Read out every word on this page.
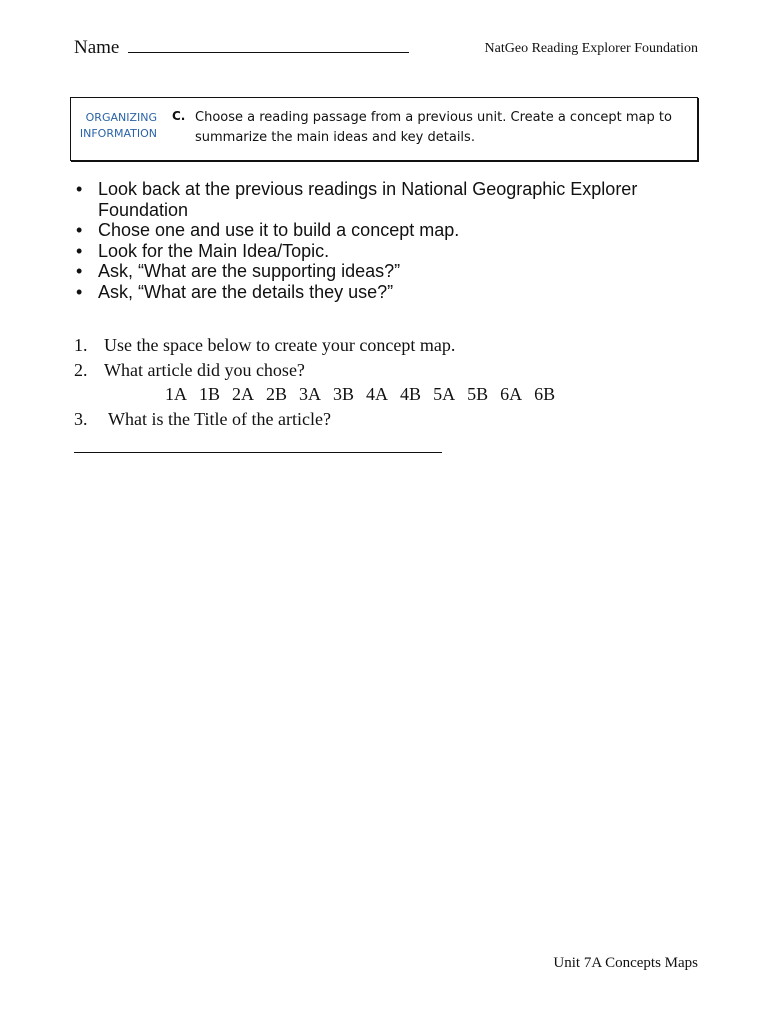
Name	NatGeo Reading Explorer Foundation
ORGANIZING
INFORMATION
C. Choose a reading passage from a previous unit. Create a concept map to summarize the main ideas and key details.
• Look back at the previous readings in National Geographic Explorer Foundation
• Chose one and use it to build a concept map.
• Look for the Main Idea/Topic.
• Ask, “What are the supporting ideas?”
• Ask, “What are the details they use?”
1. Use the space below to create your concept map.
2. What article did you chose?
1A 1B 2A 2B 3A 3B 4A 4B 5A 5B 6A 6B
3. What is the Title of the article?
Unit 7A Concepts Maps
